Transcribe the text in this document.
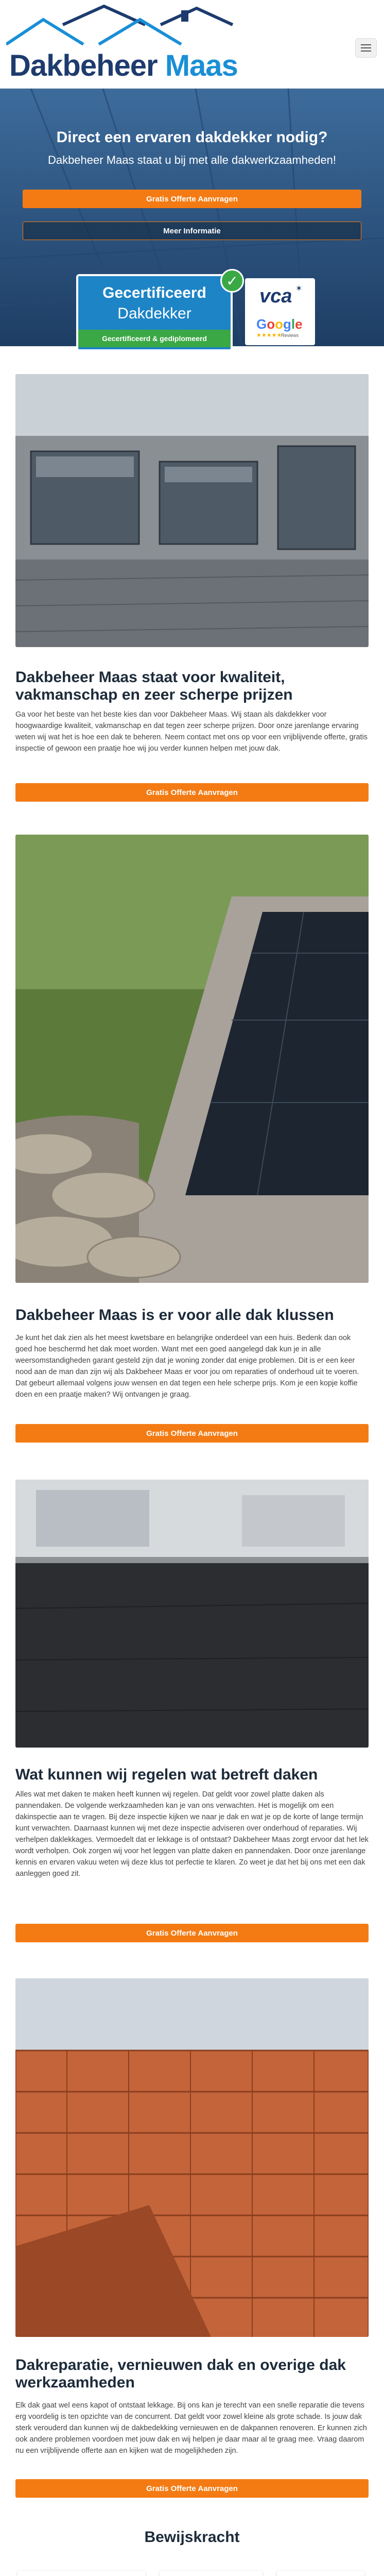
Dakbeheer Maas
Direct een ervaren dakdekker nodig?
Dakbeheer Maas staat u bij met alle dakwerkzaamheden!
Gratis Offerte Aanvragen
Meer Informatie
Gecertificeerd
Dakdekker
Gecertificeerd & gediplomeerd
✓
vca ✶
Google
★★★★★
Reviews
Dakbeheer Maas staat voor kwaliteit, vakmanschap en zeer scherpe prijzen
Ga voor het beste van het beste kies dan voor Dakbeheer Maas. Wij staan als dakdekker voor hoogwaardige kwaliteit, vakmanschap en dat tegen zeer scherpe prijzen. Door onze jarenlange ervaring weten wij wat het is hoe een dak te beheren. Neem contact met ons op voor een vrijblijvende offerte, gratis inspectie of gewoon een praatje hoe wij jou verder kunnen helpen met jouw dak.
Gratis Offerte Aanvragen
Dakbeheer Maas is er voor alle dak klussen
Je kunt het dak zien als het meest kwetsbare en belangrijke onderdeel van een huis. Bedenk dan ook goed hoe beschermd het dak moet worden. Want met een goed aangelegd dak kun je in alle weersomstandigheden garant gesteld zijn dat je woning zonder dat enige problemen. Dit is er een keer nood aan de man dan zijn wij als Dakbeheer Maas er voor jou om reparaties of onderhoud uit te voeren. Dat gebeurt allemaal volgens jouw wensen en dat tegen een hele scherpe prijs. Kom je een kopje koffie doen en een praatje maken? Wij ontvangen je graag.
Gratis Offerte Aanvragen
Wat kunnen wij regelen wat betreft daken
Alles wat met daken te maken heeft kunnen wij regelen. Dat geldt voor zowel platte daken als pannendaken. De volgende werkzaamheden kan je van ons verwachten. Het is mogelijk om een dakinspectie aan te vragen. Bij deze inspectie kijken we naar je dak en wat je op de korte of lange termijn kunt verwachten. Daarnaast kunnen wij met deze inspectie adviseren over onderhoud of reparaties. Wij verhelpen daklekkages. Vermoedelt dat er lekkage is of ontstaat? Dakbeheer Maas zorgt ervoor dat het lek wordt verholpen. Ook zorgen wij voor het leggen van platte daken en pannendaken. Door onze jarenlange kennis en ervaren vakuu weten wij deze klus tot perfectie te klaren. Zo weet je dat het bij ons met een dak aanleggen goed zit.
Gratis Offerte Aanvragen
Dakreparatie, vernieuwen dak en overige dak werkzaamheden
Elk dak gaat wel eens kapot of ontstaat lekkage. Bij ons kan je terecht van een snelle reparatie die tevens erg voordelig is ten opzichte van de concurrent. Dat geldt voor zowel kleine als grote schade. Is jouw dak sterk verouderd dan kunnen wij de dakbedekking vernieuwen en de dakpannen renoveren. Er kunnen zich ook andere problemen voordoen met jouw dak en wij helpen je daar maar al te graag mee. Vraag daarom nu een vrijblijvende offerte aan en kijken wat de mogelijkheden zijn.
Gratis Offerte Aanvragen
Bewijskracht
